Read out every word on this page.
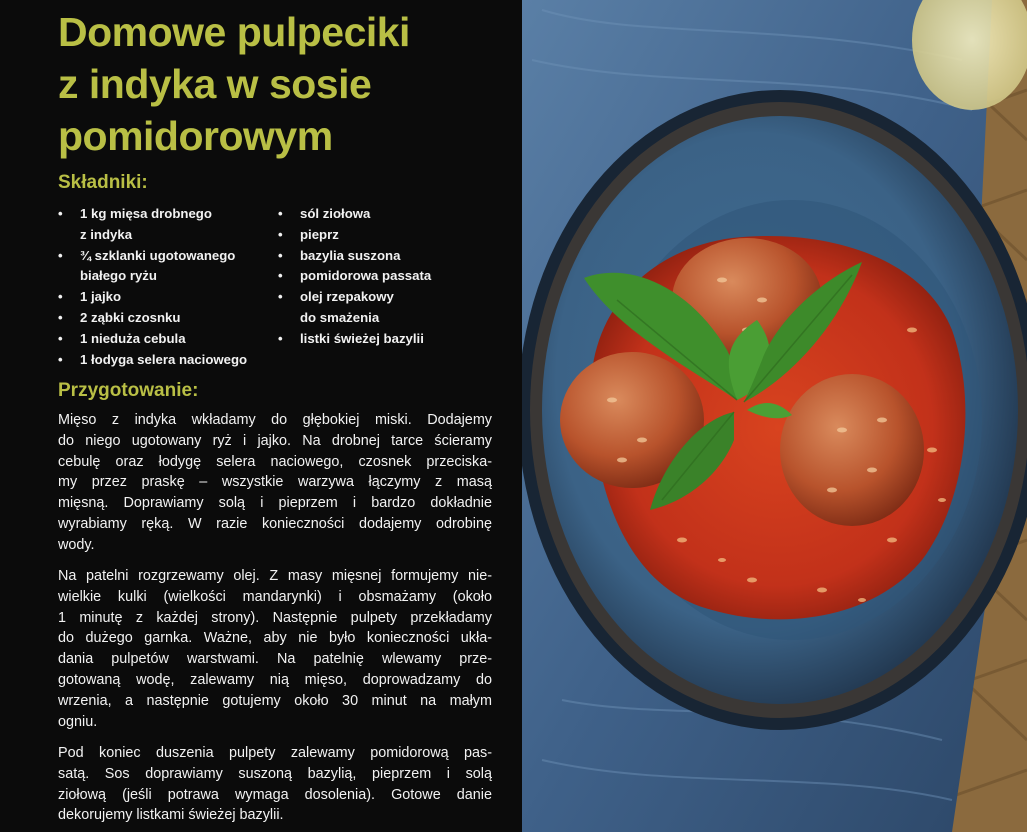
Domowe pulpeciki
z indyka w sosie
pomidorowym
Składniki:
• 1 kg mięsa drobnego
z indyka
• ¾ szklanki ugotowanego
białego ryżu
• 1 jajko
• 2 ząbki czosnku
• 1 nieduża cebula
• 1 łodyga selera naciowego
• sól ziołowa
• pieprz
• bazylia suszona
• pomidorowa passata
• olej rzepakowy
do smażenia
• listki świeżej bazylii
Przygotowanie:

Mięso z indyka wkładamy do głębokiej miski. Dodajemy
do niego ugotowany ryż i jajko. Na drobnej tarce ścieramy
cebulę oraz łodygę selera naciowego, czosnek przeciska-
my przez praskę – wszystkie warzywa łączymy z masą
mięsną. Doprawiamy solą i pieprzem i bardzo dokładnie
wyrabiamy ręką. W razie konieczności dodajemy odrobinę
wody.

Na patelni rozgrzewamy olej. Z masy mięsnej formujemy nie-
wielkie kulki (wielkości mandarynki) i obsmażamy (około
1 minutę z każdej strony). Następnie pulpety przekładamy
do dużego garnka. Ważne, aby nie było konieczności ukła-
dania pulpetów warstwami. Na patelnię wlewamy prze-
gotowaną wodę, zalewamy nią mięso, doprowadzamy do
wrzenia, a następnie gotujemy około 30 minut na małym
ogniu.

Pod koniec duszenia pulpety zalewamy pomidorową pas-
satą. Sos doprawiamy suszoną bazylią, pieprzem i solą
ziołową (jeśli potrawa wymaga dosolenia). Gotowe danie
dekorujemy listkami świeżej bazylii.
